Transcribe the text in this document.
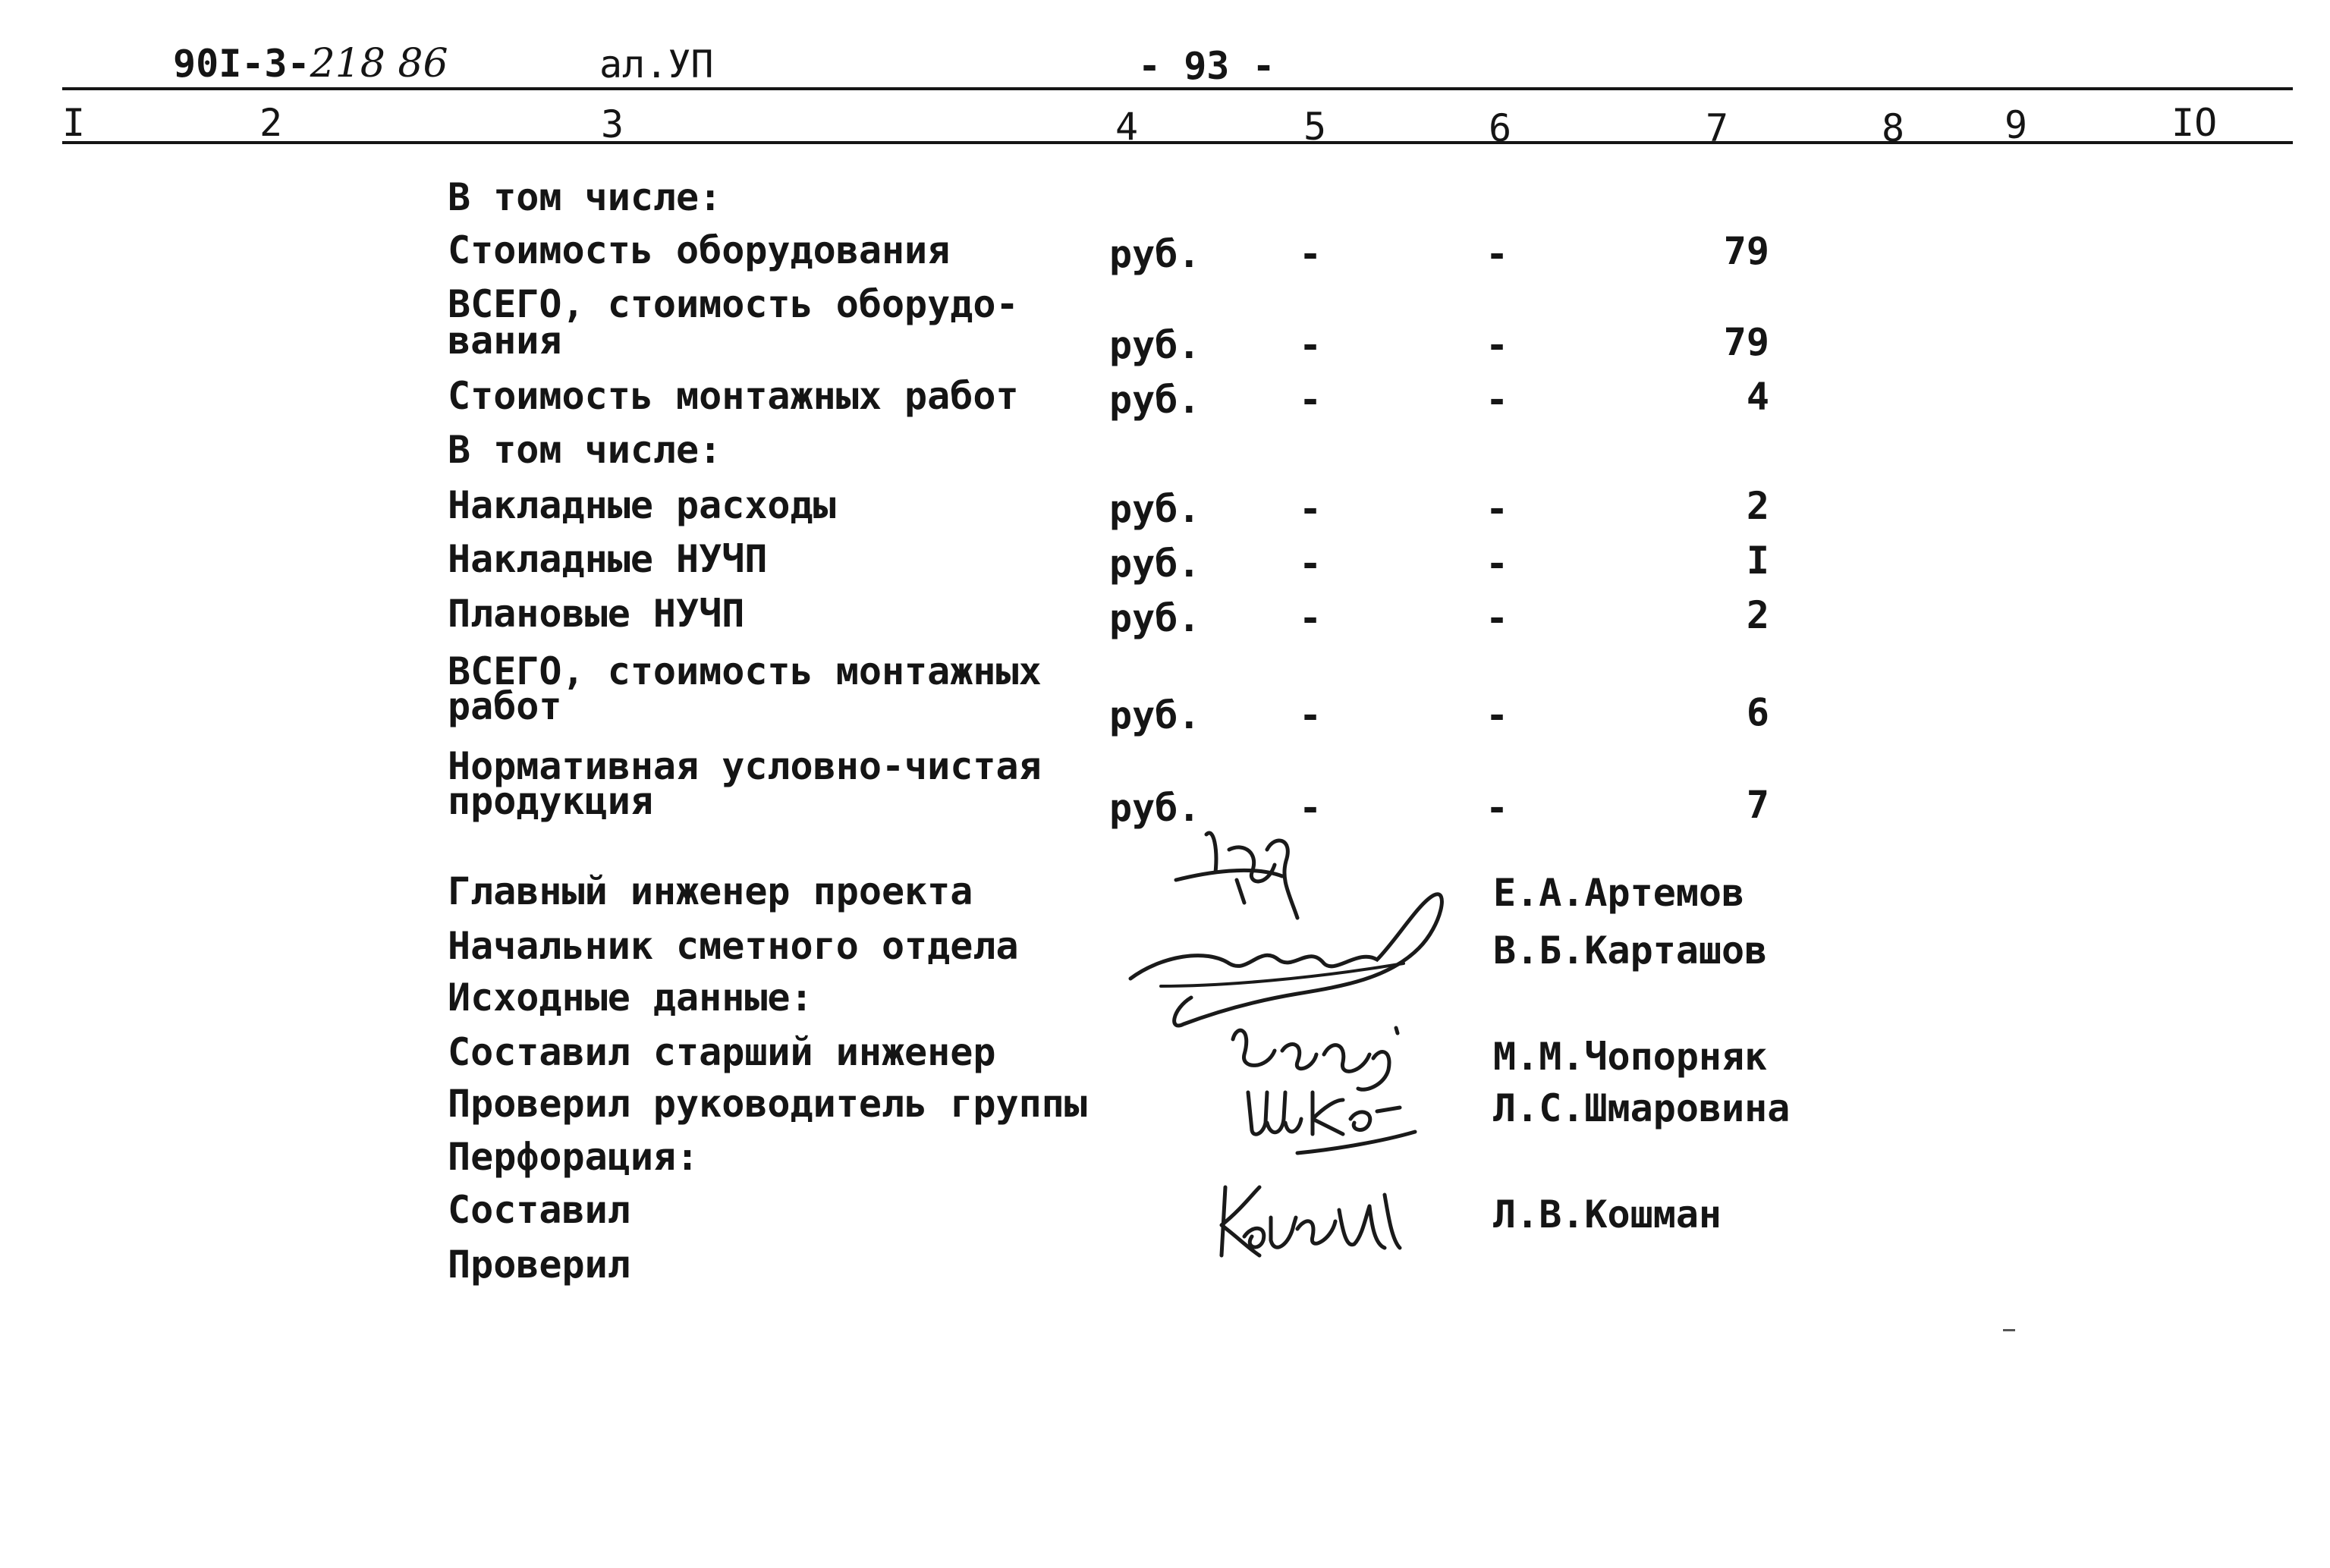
90I-3-218 86	ал.УП	- 93 -
I	2	3	4	5	6	7	8	9	IO
В том числе:
Стоимость оборудования	руб.	-	-	79
ВСЕГО, стоимость оборудо-
вания	руб.	-	-	79
Стоимость монтажных работ руб.	-	-	4
В том числе:
Накладные расходы	руб.	-	-	2
Накладные НУЧП	руб.	-	-	I
Плановые НУЧП	руб.	-	-	2
ВСЕГО, стоимость монтажных
работ	руб.	-	-	6
Нормативная условно-чистая
продукция	руб.	-	-	7
Главный инженер проекта	Е.А.Артемов
Начальник сметного отдела	В.Б.Карташов
Исходные данные:
Составил старший инженер	М.М.Чопорняк
Проверил руководитель группы	Л.С.Шмаровина
Перфорация:
Составил	Л.В.Кошман
Проверил
